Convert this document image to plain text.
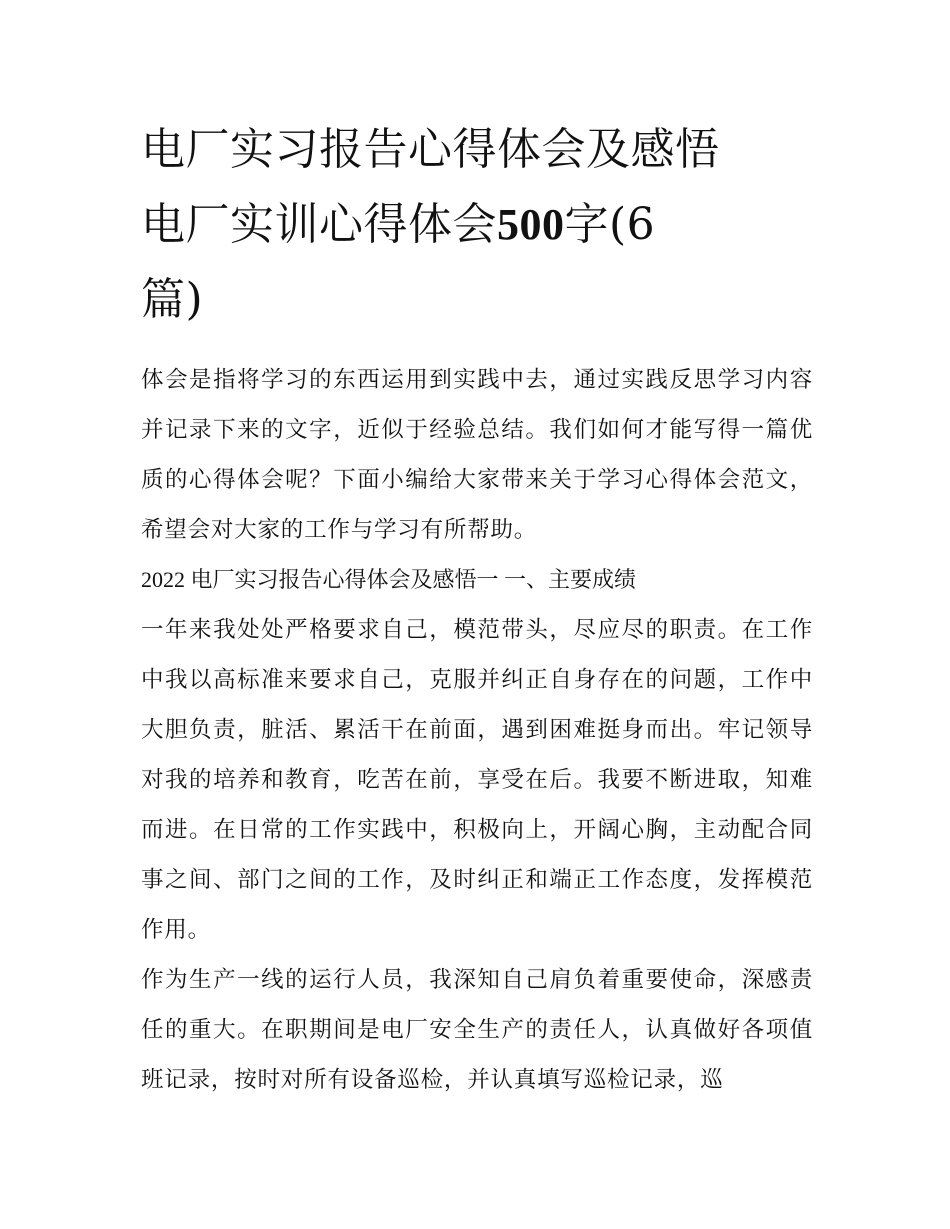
电厂实习报告心得体会及感悟
电厂实训心得体会500字(6
篇)

体会是指将学习的东西运用到实践中去，通过实践反思学习内容并记录下来的文字，近似于经验总结。我们如何才能写得一篇优质的心得体会呢？下面小编给大家带来关于学习心得体会范文，希望会对大家的工作与学习有所帮助。

2022 电厂实习报告心得体会及感悟一 一、主要成绩

一年来我处处严格要求自己，模范带头，尽应尽的职责。在工作中我以高标准来要求自己，克服并纠正自身存在的问题，工作中大胆负责，脏活、累活干在前面，遇到困难挺身而出。牢记领导对我的培养和教育，吃苦在前，享受在后。我要不断进取，知难而进。在日常的工作实践中，积极向上，开阔心胸，主动配合同事之间、部门之间的工作，及时纠正和端正工作态度，发挥模范作用。

作为生产一线的运行人员，我深知自己肩负着重要使命，深感责任的重大。在职期间是电厂安全生产的责任人，认真做好各项值班记录，按时对所有设备巡检，并认真填写巡检记录，巡
